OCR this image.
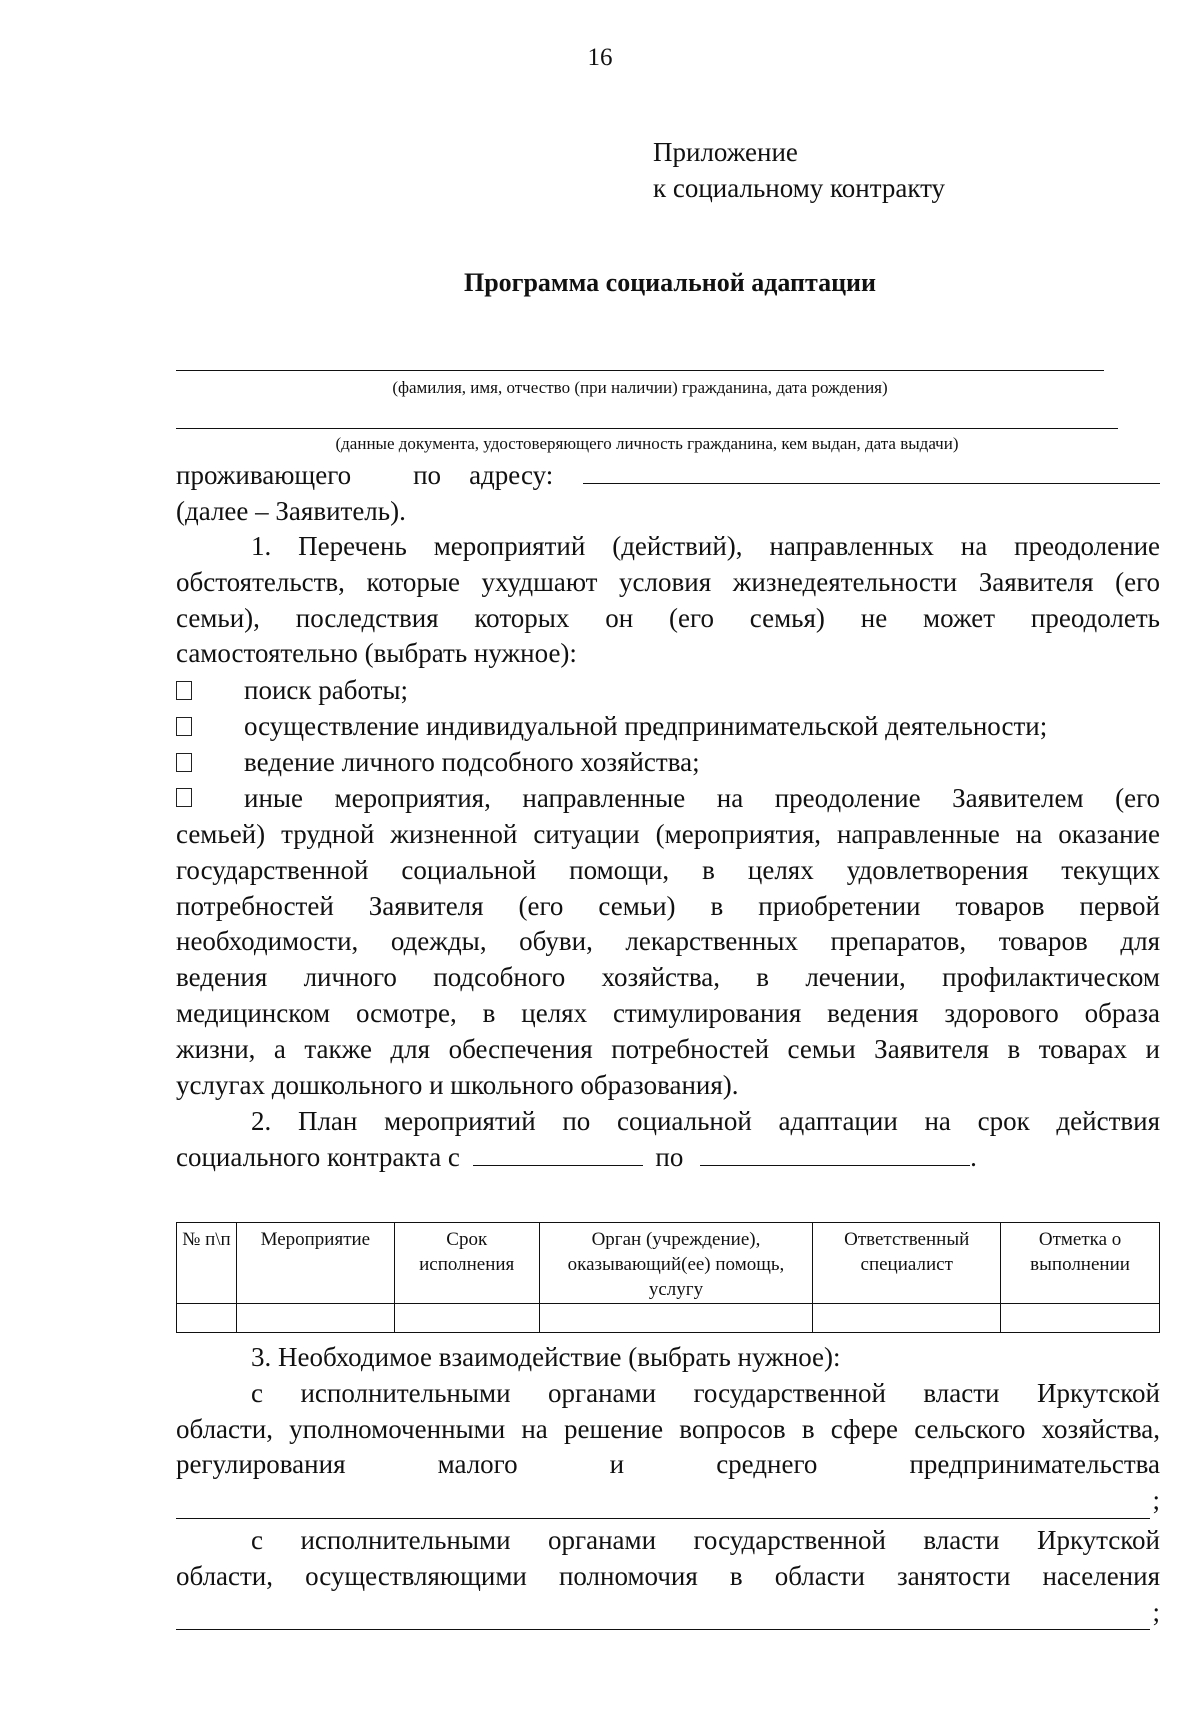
16
Приложение
к социальному контракту
Программа социальной адаптации
(фамилия, имя, отчество (при наличии) гражданина, дата рождения)
(данные документа, удостоверяющего личность гражданина, кем выдан, дата выдачи)
проживающего по адресу:
(далее – Заявитель).
1. Перечень мероприятий (действий), направленных на преодоление
обстоятельств, которые ухудшают условия жизнедеятельности Заявителя (его
семьи), последствия которых он (его семья) не может преодолеть
самостоятельно (выбрать нужное):
поиск работы;
осуществление индивидуальной предпринимательской деятельности;
ведение личного подсобного хозяйства;
иные мероприятия, направленные на преодоление Заявителем (его
семьей) трудной жизненной ситуации (мероприятия, направленные на оказание
государственной социальной помощи, в целях удовлетворения текущих
потребностей Заявителя (его семьи) в приобретении товаров первой
необходимости, одежды, обуви, лекарственных препаратов, товаров для
ведения личного подсобного хозяйства, в лечении, профилактическом
медицинском осмотре, в целях стимулирования ведения здорового образа
жизни, а также для обеспечения потребностей семьи Заявителя в товарах и
услугах дошкольного и школьного образования).
2. План мероприятий по социальной адаптации на срок действия
социального контракта с	по	.
№ п\п	Мероприятие	Срок исполнения	Орган (учреждение), оказывающий(ее) помощь, услугу	Ответственный специалист	Отметка о выполнении

3. Необходимое взаимодействие (выбрать нужное):
с исполнительными органами государственной власти Иркутской
области, уполномоченными на решение вопросов в сфере сельского хозяйства,
регулирования малого и среднего предпринимательства
;
с исполнительными органами государственной власти Иркутской
области, осуществляющими полномочия в области занятости населения
;
